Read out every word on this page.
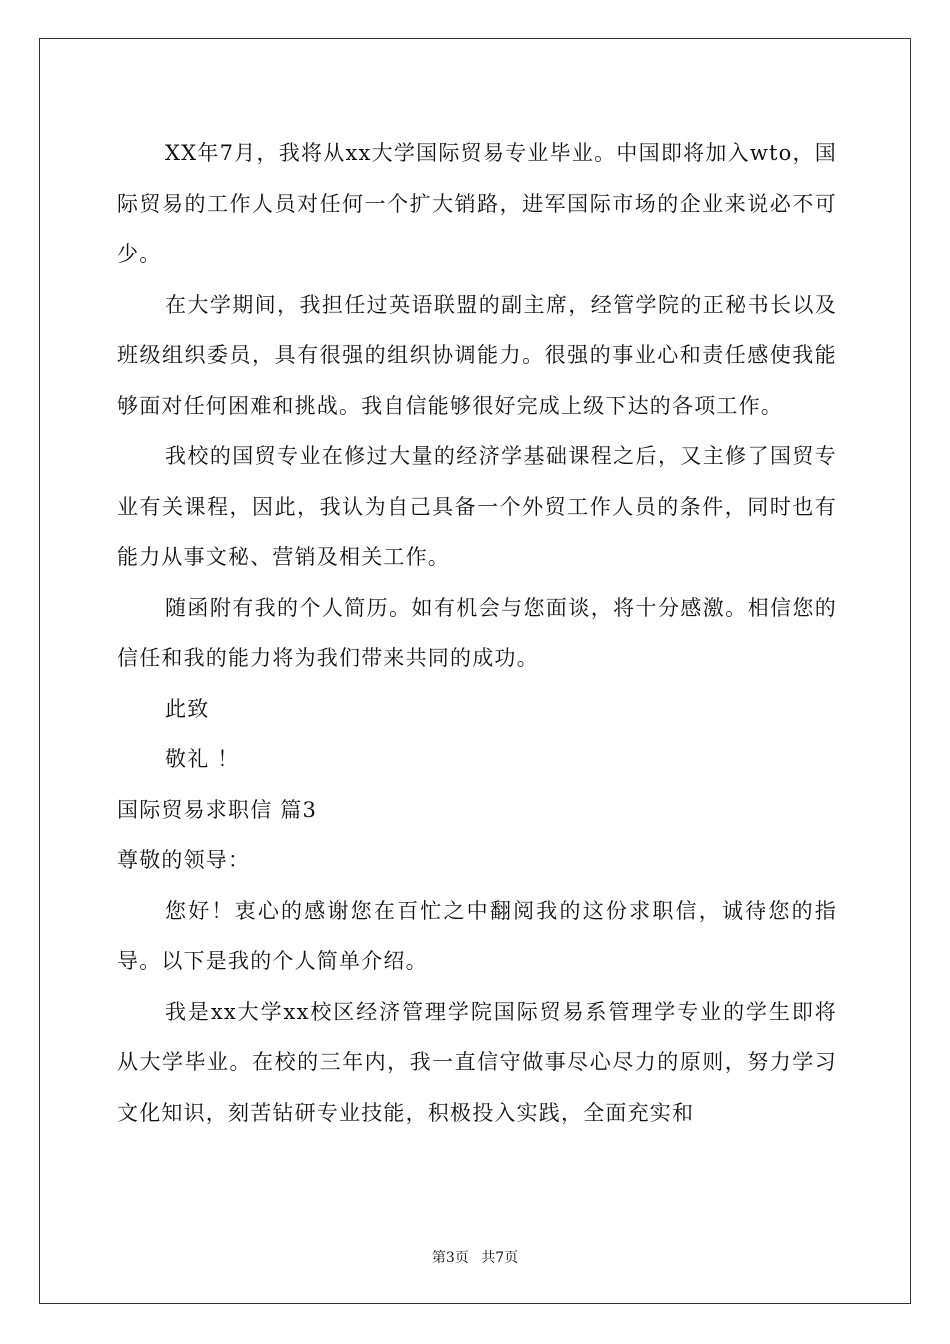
XX年7月，我将从xx大学国际贸易专业毕业。中国即将加入wto，国际贸易的工作人员对任何一个扩大销路，进军国际市场的企业来说必不可少。

在大学期间，我担任过英语联盟的副主席，经管学院的正秘书长以及班级组织委员，具有很强的组织协调能力。很强的事业心和责任感使我能够面对任何困难和挑战。我自信能够很好完成上级下达的各项工作。

我校的国贸专业在修过大量的经济学基础课程之后，又主修了国贸专业有关课程，因此，我认为自己具备一个外贸工作人员的条件，同时也有能力从事文秘、营销及相关工作。

随函附有我的个人简历。如有机会与您面谈，将十分感激。相信您的信任和我的能力将为我们带来共同的成功。

此致

敬礼 ！

国际贸易求职信 篇3

尊敬的领导：

您好！衷心的感谢您在百忙之中翻阅我的这份求职信，诚待您的指导。以下是我的个人简单介绍。

我是xx大学xx校区经济管理学院国际贸易系管理学专业的学生即将从大学毕业。在校的三年内，我一直信守做事尽心尽力的原则，努力学习文化知识，刻苦钻研专业技能，积极投入实践，全面充实和

第3页 共7页
